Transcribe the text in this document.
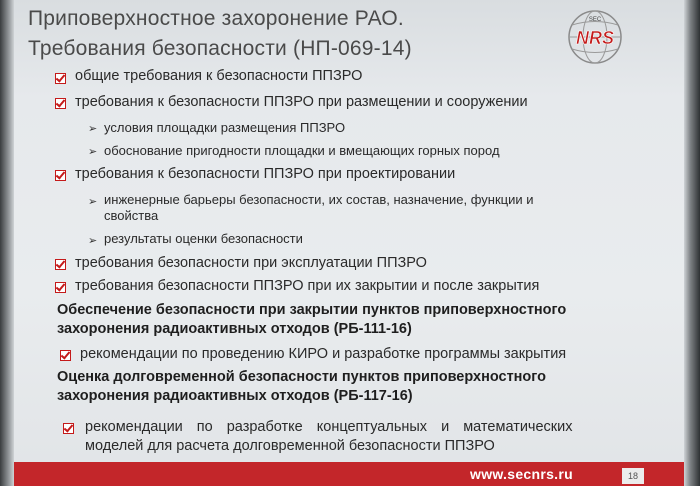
Приповерхностное захоронение РАО.
Требования безопасности (НП-069-14)
SEC
NRS
общие требования к безопасности ППЗРО
требования к безопасности ППЗРО при размещении и сооружении
➢ условия площадки размещения ППЗРО
➢ обоснование пригодности площадки и вмещающих горных пород
требования к безопасности ППЗРО при проектировании
➢ инженерные барьеры безопасности, их состав, назначение, функции и
свойства
➢ результаты оценки безопасности
требования безопасности при эксплуатации ППЗРО
требования безопасности ППЗРО при их закрытии и после закрытия
Обеспечение безопасности при закрытии пунктов приповерхностного
захоронения радиоактивных отходов (РБ-111-16)
рекомендации по проведению КИРО и разработке программы закрытия
Оценка долговременной безопасности пунктов приповерхностного
захоронения радиоактивных отходов (РБ-117-16)
рекомендации по разработке концептуальных и математических
моделей для расчета долговременной безопасности ППЗРО
www.secnrs.ru	18
